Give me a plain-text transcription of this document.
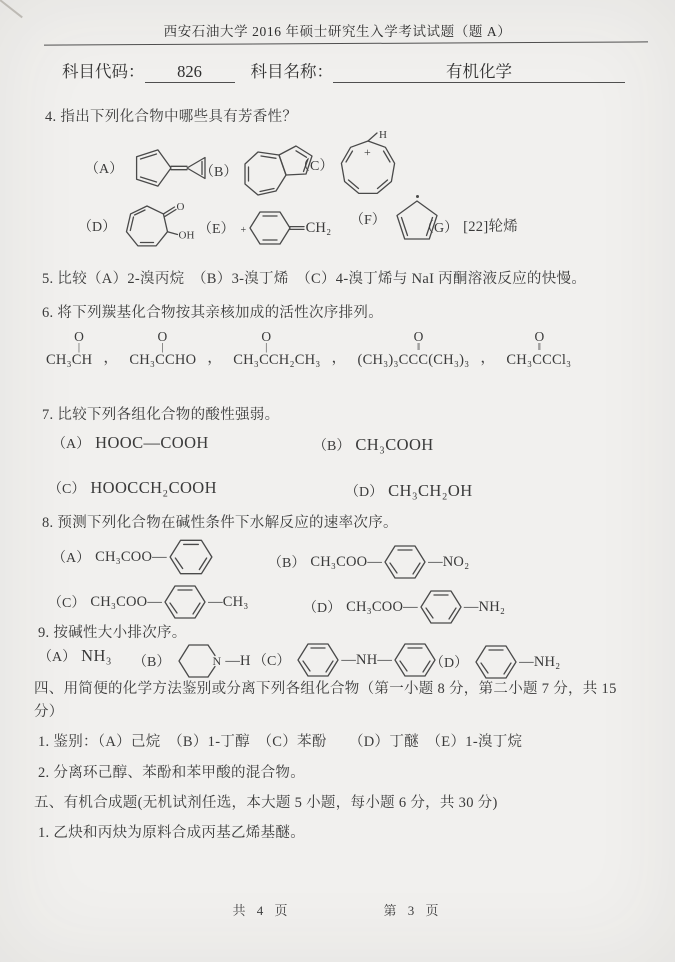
西安石油大学 2016 年硕士研究生入学考试试题（题 A）
科目代码：	826	科目名称：	有机化学
4. 指出下列化合物中哪些具有芳香性？
（A）	（B）	（C）
H
+
（D）
O
OH （E） +	CH₂ （F）
（G） [22]轮烯
5. 比较（A）2-溴丙烷　（B）3-溴丁烯　（C）4-溴丁烯与 NaI 丙酮溶液反应的快慢。
6. 将下列羰基化合物按其亲核加成的活性次序排列。
O
|
CH₃CH ，
O
|
CH₃CCHO ，
O
|
CH₃CCH₂CH₃ ，
O
‖
(CH₃)₃CCC(CH₃)₃ ，
O
‖
CH₃CCCl₃
7. 比较下列各组化合物的酸性强弱。
（A） HOOC—COOH	（B） CH₃COOH
（C） HOOCCH₂COOH	（D） CH₃CH₂OH
8. 预测下列化合物在碱性条件下水解反应的速率次序。
（A） CH₃COO—	（B） CH₃COO—	—NO₂
（C） CH₃COO—	—CH₃	（D） CH₃COO—	—NH₂
9. 按碱性大小排次序。
（A） NH₃ （B）	N —H （C）	—NH—	（D）	—NH₂
四、用简便的化学方法鉴别或分离下列各组化合物（第一小题 8 分，第二小题 7 分，共 15
分）
1. 鉴别：（A）己烷　（B）1-丁醇　（C）苯酚　　（D）丁醚　（E）1-溴丁烷
2. 分离环己醇、苯酚和苯甲酸的混合物。
五、有机合成题(无机试剂任选，本大题 5 小题，每小题 6 分，共 30 分)
1. 乙炔和丙炔为原料合成丙基乙烯基醚。
共 4 页	第 3 页
